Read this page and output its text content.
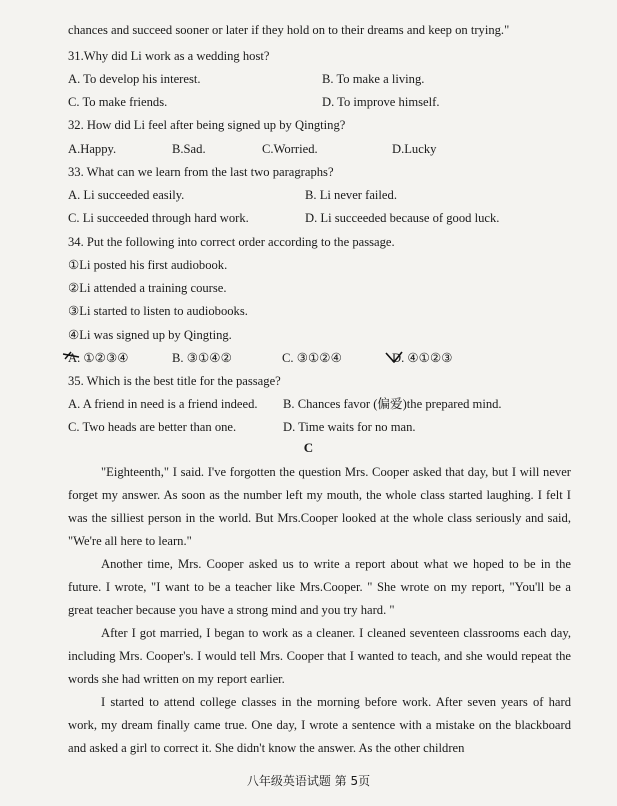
chances and succeed sooner or later if they hold on to their dreams and keep on trying."
31.Why did Li work as a wedding host?
A. To develop his interest.	B. To make a living.
C. To make friends.	D. To improve himself.
32. How did Li feel after being signed up by Qingting?
A.Happy.	B.Sad.	C.Worried.	D.Lucky
33. What can we learn from the last two paragraphs?
A. Li succeeded easily.	B. Li never failed.
C. Li succeeded through hard work.	D. Li succeeded because of good luck.
34. Put the following into correct order according to the passage.
①Li posted his first audiobook.
②Li attended a training course.
③Li started to listen to audiobooks.
④Li was signed up by Qingting.
A. ①②③④	B. ③①④②	C. ③①②④	D. ④①②③
35. Which is the best title for the passage?
A. A friend in need is a friend indeed. B. Chances favor (偏爱)the prepared mind.
C. Two heads are better than one.	D. Time waits for no man.
C
"Eighteenth," I said. I've forgotten the question Mrs. Cooper asked that day, but I will never forget my answer. As soon as the number left my mouth, the whole class started laughing. I felt I was the silliest person in the world. But Mrs.Cooper looked at the whole class seriously and said, "We're all here to learn."
Another time, Mrs. Cooper asked us to write a report about what we hoped to be in the future. I wrote, "I want to be a teacher like Mrs.Cooper. " She wrote on my report, "You'll be a great teacher because you have a strong mind and you try hard. "
After I got married, I began to work as a cleaner. I cleaned seventeen classrooms each day, including Mrs. Cooper's. I would tell Mrs. Cooper that I wanted to teach, and she would repeat the words she had written on my report earlier.
I started to attend college classes in the morning before work. After seven years of hard work, my dream finally came true. One day, I wrote a sentence with a mistake on the blackboard and asked a girl to correct it. She didn't know the answer. As the other children
八年级英语试题 第 5页
